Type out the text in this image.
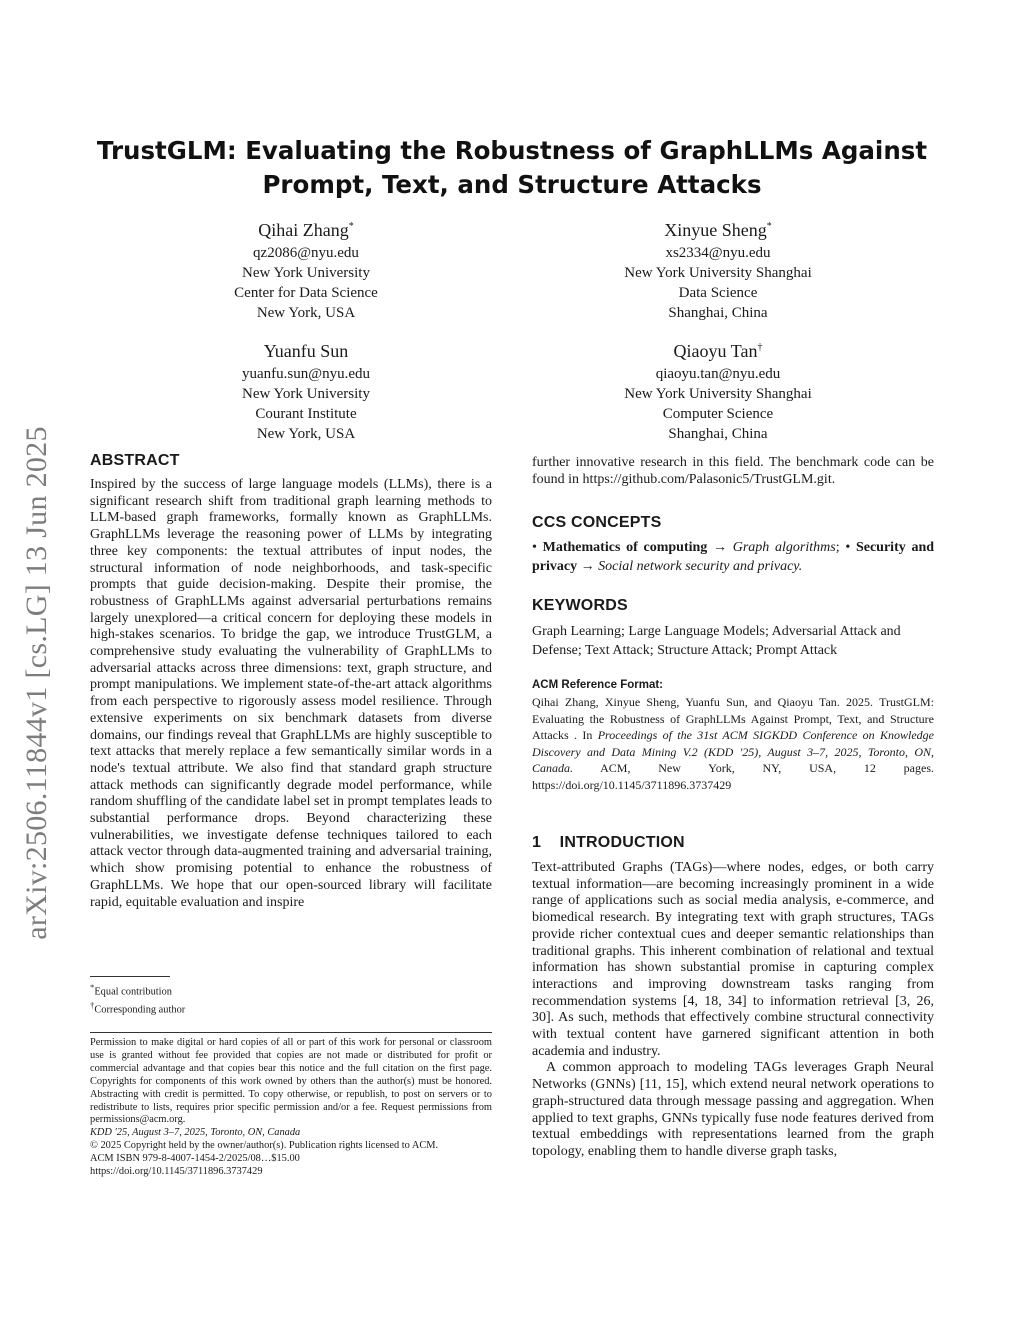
arXiv:2506.11844v1 [cs.LG] 13 Jun 2025
TrustGLM: Evaluating the Robustness of GraphLLMs Against
Prompt, Text, and Structure Attacks
Qihai Zhang*
qz2086@nyu.edu
New York University
Center for Data Science
New York, USA
Xinyue Sheng*
xs2334@nyu.edu
New York University Shanghai
Data Science
Shanghai, China
Yuanfu Sun
yuanfu.sun@nyu.edu
New York University
Courant Institute
New York, USA
Qiaoyu Tan†
qiaoyu.tan@nyu.edu
New York University Shanghai
Computer Science
Shanghai, China
ABSTRACT
Inspired by the success of large language models (LLMs), there is a significant research shift from traditional graph learning methods to LLM-based graph frameworks, formally known as GraphLLMs. GraphLLMs leverage the reasoning power of LLMs by integrating three key components: the textual attributes of input nodes, the structural information of node neighborhoods, and task-specific prompts that guide decision-making. Despite their promise, the robustness of GraphLLMs against adversarial perturbations remains largely unexplored—a critical concern for deploying these models in high-stakes scenarios. To bridge the gap, we introduce TrustGLM, a comprehensive study evaluating the vulnerability of GraphLLMs to adversarial attacks across three dimensions: text, graph structure, and prompt manipulations. We implement state-of-the-art attack algorithms from each perspective to rigorously assess model resilience. Through extensive experiments on six benchmark datasets from diverse domains, our findings reveal that GraphLLMs are highly susceptible to text attacks that merely replace a few semantically similar words in a node's textual attribute. We also find that standard graph structure attack methods can significantly degrade model performance, while random shuffling of the candidate label set in prompt templates leads to substantial performance drops. Beyond characterizing these vulnerabilities, we investigate defense techniques tailored to each attack vector through data-augmented training and adversarial training, which show promising potential to enhance the robustness of GraphLLMs. We hope that our open-sourced library will facilitate rapid, equitable evaluation and inspire
*Equal contribution
†Corresponding author
Permission to make digital or hard copies of all or part of this work for personal or classroom use is granted without fee provided that copies are not made or distributed for profit or commercial advantage and that copies bear this notice and the full citation on the first page. Copyrights for components of this work owned by others than the author(s) must be honored. Abstracting with credit is permitted. To copy otherwise, or republish, to post on servers or to redistribute to lists, requires prior specific permission and/or a fee. Request permissions from permissions@acm.org.
KDD '25, August 3–7, 2025, Toronto, ON, Canada
© 2025 Copyright held by the owner/author(s). Publication rights licensed to ACM.
ACM ISBN 979-8-4007-1454-2/2025/08…$15.00
https://doi.org/10.1145/3711896.3737429
further innovative research in this field. The benchmark code can be found in https://github.com/Palasonic5/TrustGLM.git.
CCS CONCEPTS
• Mathematics of computing → Graph algorithms; • Security and privacy → Social network security and privacy.
KEYWORDS
Graph Learning; Large Language Models; Adversarial Attack and Defense; Text Attack; Structure Attack; Prompt Attack
ACM Reference Format:
Qihai Zhang, Xinyue Sheng, Yuanfu Sun, and Qiaoyu Tan. 2025. TrustGLM: Evaluating the Robustness of GraphLLMs Against Prompt, Text, and Structure Attacks . In Proceedings of the 31st ACM SIGKDD Conference on Knowledge Discovery and Data Mining V.2 (KDD '25), August 3–7, 2025, Toronto, ON, Canada. ACM, New York, NY, USA, 12 pages. https://doi.org/10.1145/3711896.3737429
1    INTRODUCTION
Text-attributed Graphs (TAGs)—where nodes, edges, or both carry textual information—are becoming increasingly prominent in a wide range of applications such as social media analysis, e-commerce, and biomedical research. By integrating text with graph structures, TAGs provide richer contextual cues and deeper semantic relationships than traditional graphs. This inherent combination of relational and textual information has shown substantial promise in capturing complex interactions and improving downstream tasks ranging from recommendation systems [4, 18, 34] to information retrieval [3, 26, 30]. As such, methods that effectively combine structural connectivity with textual content have garnered significant attention in both academia and industry.
A common approach to modeling TAGs leverages Graph Neural Networks (GNNs) [11, 15], which extend neural network operations to graph-structured data through message passing and aggregation. When applied to text graphs, GNNs typically fuse node features derived from textual embeddings with representations learned from the graph topology, enabling them to handle diverse graph tasks,
